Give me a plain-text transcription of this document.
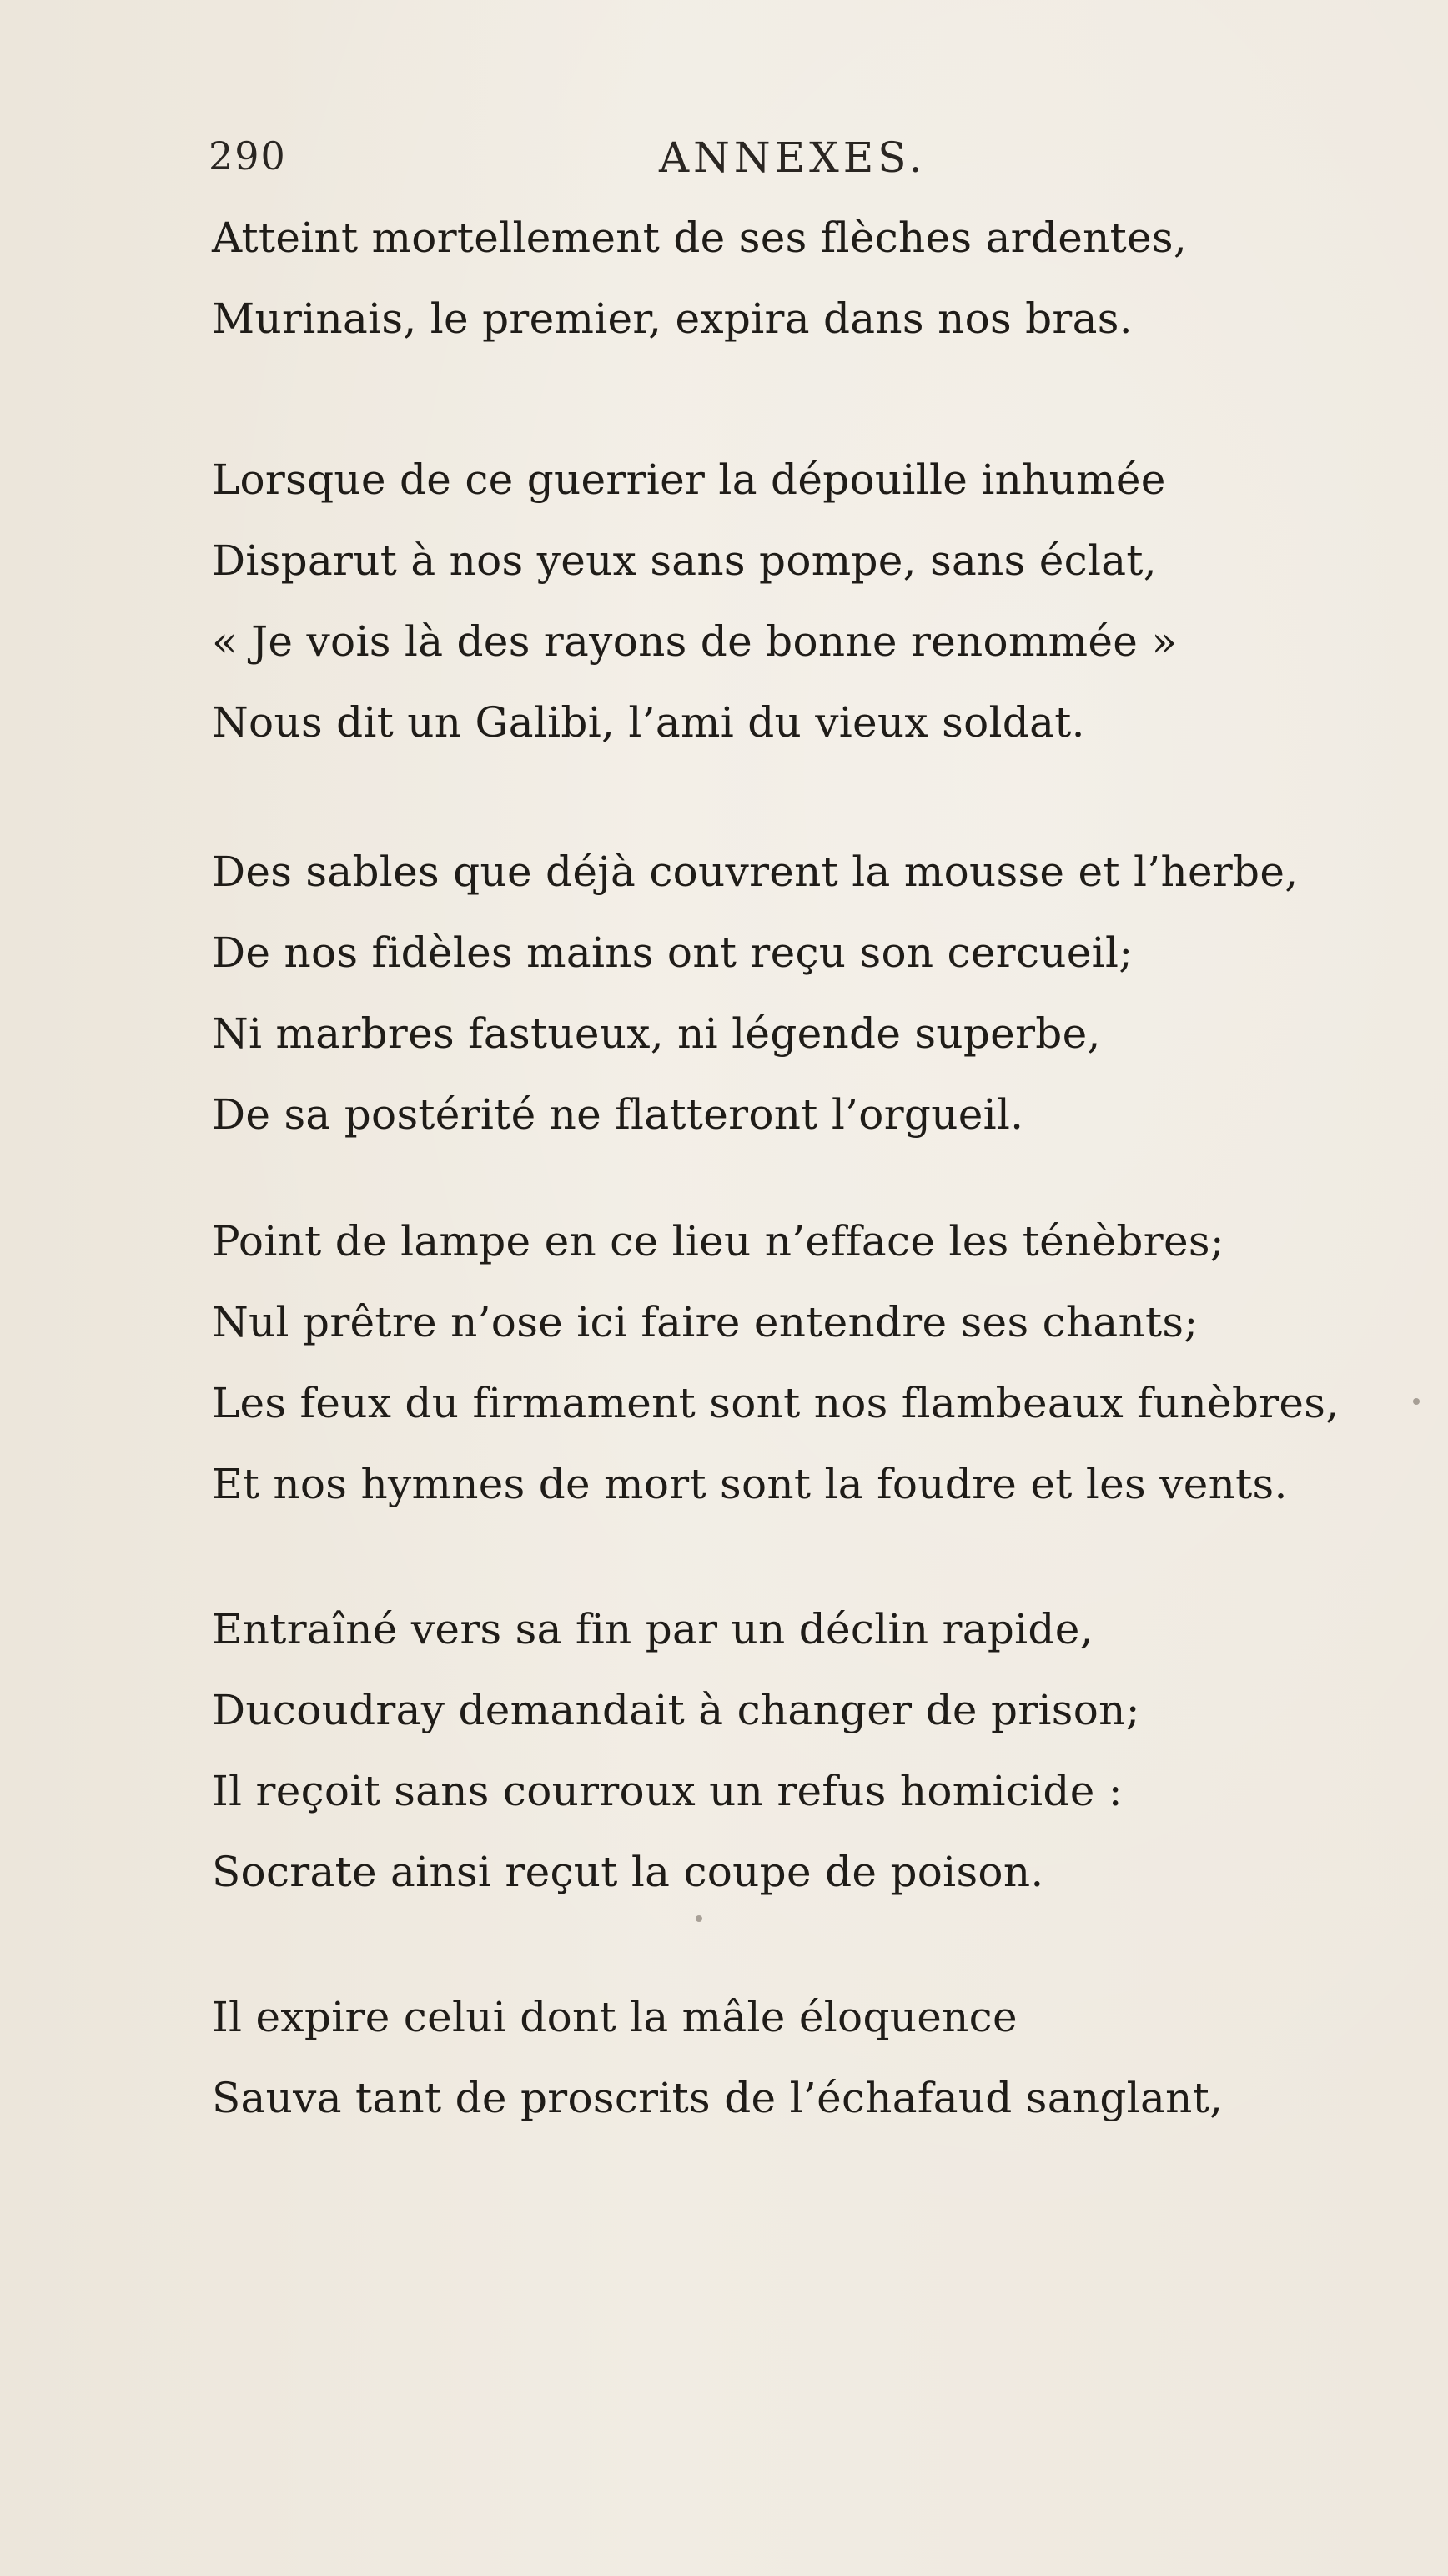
290	ANNEXES.
Atteint mortellement de ses flèches ardentes,
Murinais, le premier, expira dans nos bras.
Lorsque de ce guerrier la dépouille inhumée
Disparut à nos yeux sans pompe, sans éclat,
« Je vois là des rayons de bonne renommée »
Nous dit un Galibi, l’ami du vieux soldat.
Des sables que déjà couvrent la mousse et l’herbe,
De nos fidèles mains ont reçu son cercueil;
Ni marbres fastueux, ni légende superbe,
De sa postérité ne flatteront l’orgueil.
Point de lampe en ce lieu n’efface les ténèbres;
Nul prêtre n’ose ici faire entendre ses chants;
Les feux du firmament sont nos flambeaux funèbres,
Et nos hymnes de mort sont la foudre et les vents.
Entraîné vers sa fin par un déclin rapide,
Ducoudray demandait à changer de prison;
Il reçoit sans courroux un refus homicide :
Socrate ainsi reçut la coupe de poison.
Il expire celui dont la mâle éloquence
Sauva tant de proscrits de l’échafaud sanglant,
